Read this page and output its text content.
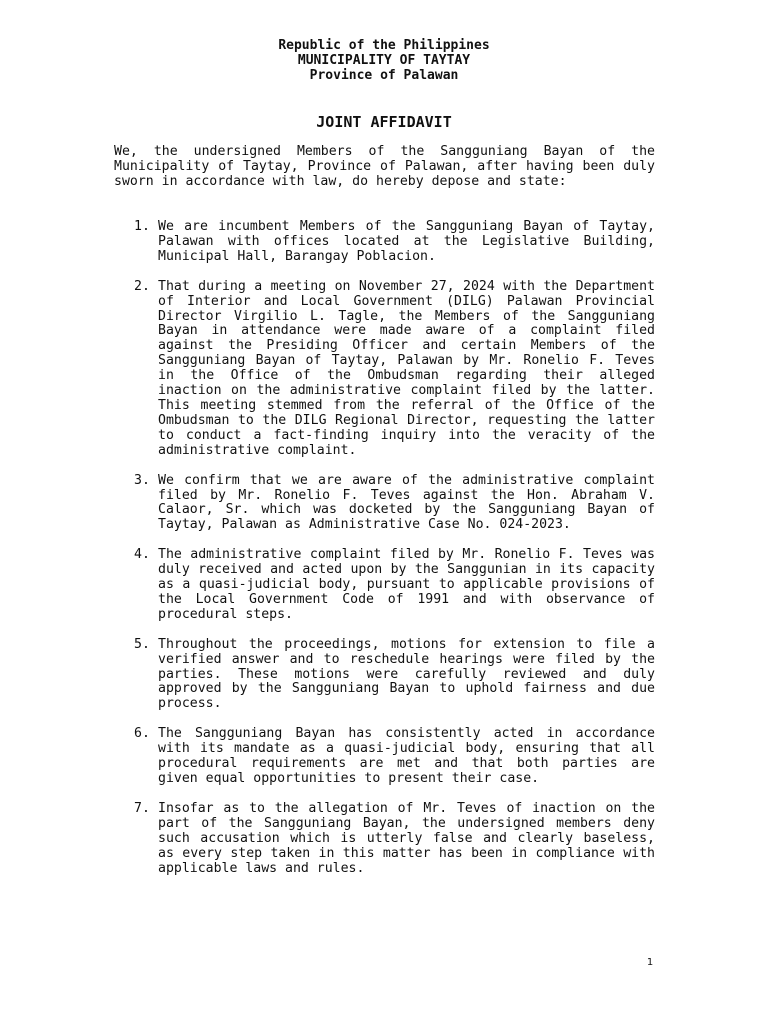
Republic of the Philippines
MUNICIPALITY OF TAYTAY
Province of Palawan
JOINT AFFIDAVIT

We, the undersigned Members of the Sangguniang Bayan of the Municipality of Taytay, Province of Palawan, after having been duly sworn in accordance with law, do hereby depose and state:

1. We are incumbent Members of the Sangguniang Bayan of Taytay, Palawan with offices located at the Legislative Building, Municipal Hall, Barangay Poblacion.
2. That during a meeting on November 27, 2024 with the Department of Interior and Local Government (DILG) Palawan Provincial Director Virgilio L. Tagle, the Members of the Sangguniang Bayan in attendance were made aware of a complaint filed against the Presiding Officer and certain Members of the Sangguniang Bayan of Taytay, Palawan by Mr. Ronelio F. Teves in the Office of the Ombudsman regarding their alleged inaction on the administrative complaint filed by the latter. This meeting stemmed from the referral of the Office of the Ombudsman to the DILG Regional Director, requesting the latter to conduct a fact-finding inquiry into the veracity of the administrative complaint.
3. We confirm that we are aware of the administrative complaint filed by Mr. Ronelio F. Teves against the Hon. Abraham V. Calaor, Sr. which was docketed by the Sangguniang Bayan of Taytay, Palawan as Administrative Case No. 024-2023.
4. The administrative complaint filed by Mr. Ronelio F. Teves was duly received and acted upon by the Sanggunian in its capacity as a quasi-judicial body, pursuant to applicable provisions of the Local Government Code of 1991 and with observance of procedural steps.
5. Throughout the proceedings, motions for extension to file a verified answer and to reschedule hearings were filed by the parties. These motions were carefully reviewed and duly approved by the Sangguniang Bayan to uphold fairness and due process.
6. The Sangguniang Bayan has consistently acted in accordance with its mandate as a quasi-judicial body, ensuring that all procedural requirements are met and that both parties are given equal opportunities to present their case.
7. Insofar as to the allegation of Mr. Teves of inaction on the part of the Sangguniang Bayan, the undersigned members deny such accusation which is utterly false and clearly baseless, as every step taken in this matter has been in compliance with applicable laws and rules.
1
